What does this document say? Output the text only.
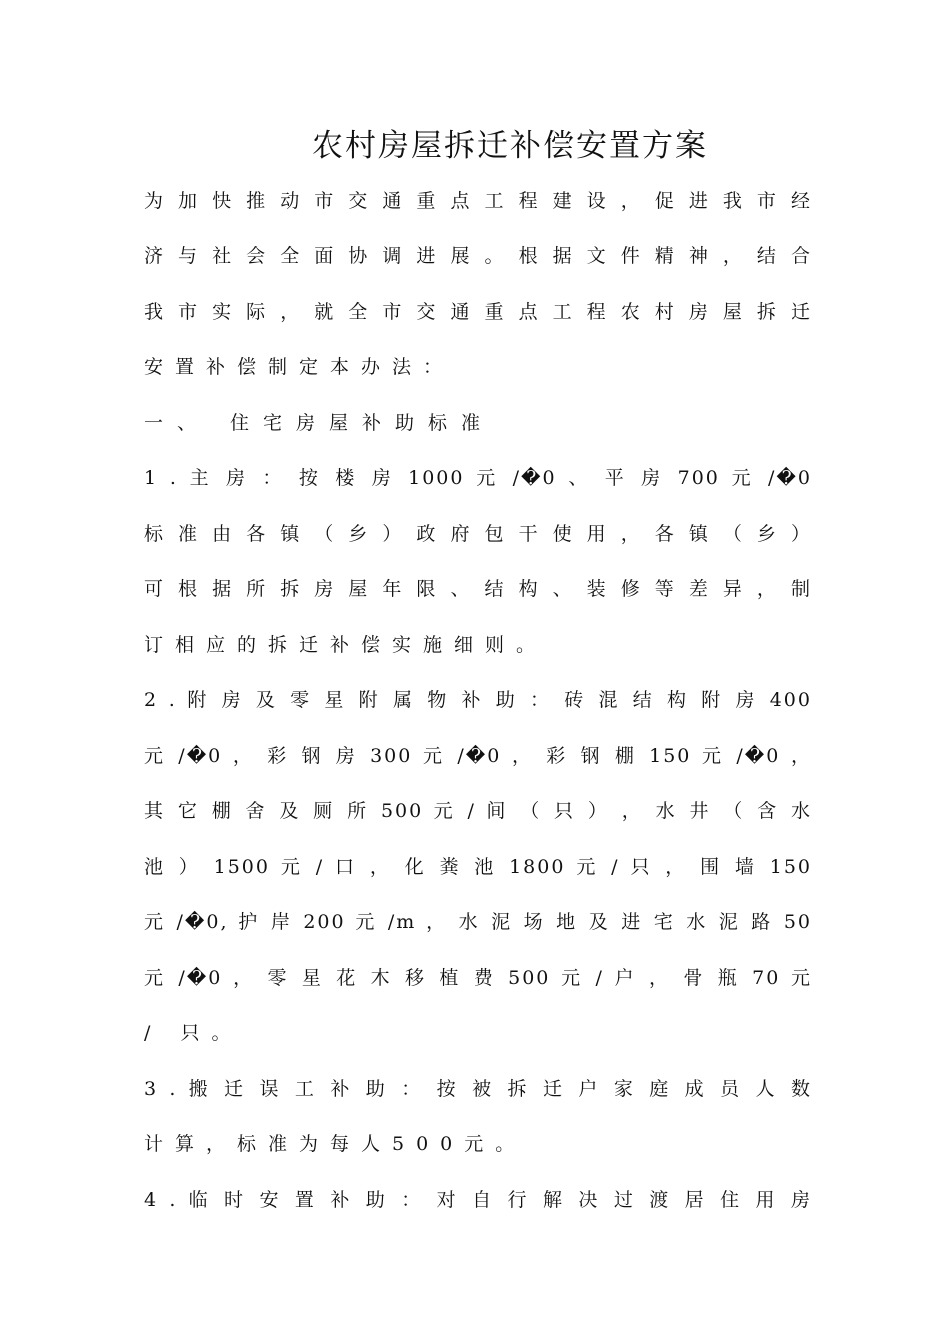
农村房屋拆迁补偿安置方案
为 加 快 推 动 市 交 通 重 点 工 程 建 设 ， 促 进 我 市 经
济 与 社 会 全 面 协 调 进 展 。 根 据 文 件 精 神 ， 结 合
我 市 实 际 ， 就 全 市 交 通 重 点 工 程 农 村 房 屋 拆 迁
安置补偿制定本办法：
一、 住宅房屋补助标准
1 . 主 房 ： 按 楼 房 1000 元 /�0 、 平 房 700 元 /�0
标 准 由 各 镇 （ 乡 ） 政 府 包 干 使 用 ， 各 镇 （ 乡 ）
可 根 据 所 拆 房 屋 年 限 、 结 构 、 装 修 等 差 异 ， 制
订相应的拆迁补偿实施细则。
2 . 附 房 及 零 星 附 属 物 补 助 ： 砖 混 结 构 附 房 400
元 /�0 ， 彩 钢 房 300 元 /�0 ， 彩 钢 棚 150 元 /�0 ，
其 它 棚 舍 及 厕 所 500 元 / 间 （ 只 ） ， 水 井 （ 含 水
池 ） 1500 元 / 口 ， 化 粪 池 1800 元 / 只 ， 围 墙 150
元 /�0, 护 岸 200 元 /m ， 水 泥 场 地 及 进 宅 水 泥 路 50
元 /�0 ， 零 星 花 木 移 植 费 500 元 / 户 ， 骨 瓶 70 元
/ 只。
3 . 搬 迁 误 工 补 助 ： 按 被 拆 迁 户 家 庭 成 员 人 数
计算，标准为每人500元。
4 . 临 时 安 置 补 助 ： 对 自 行 解 决 过 渡 居 住 用 房
